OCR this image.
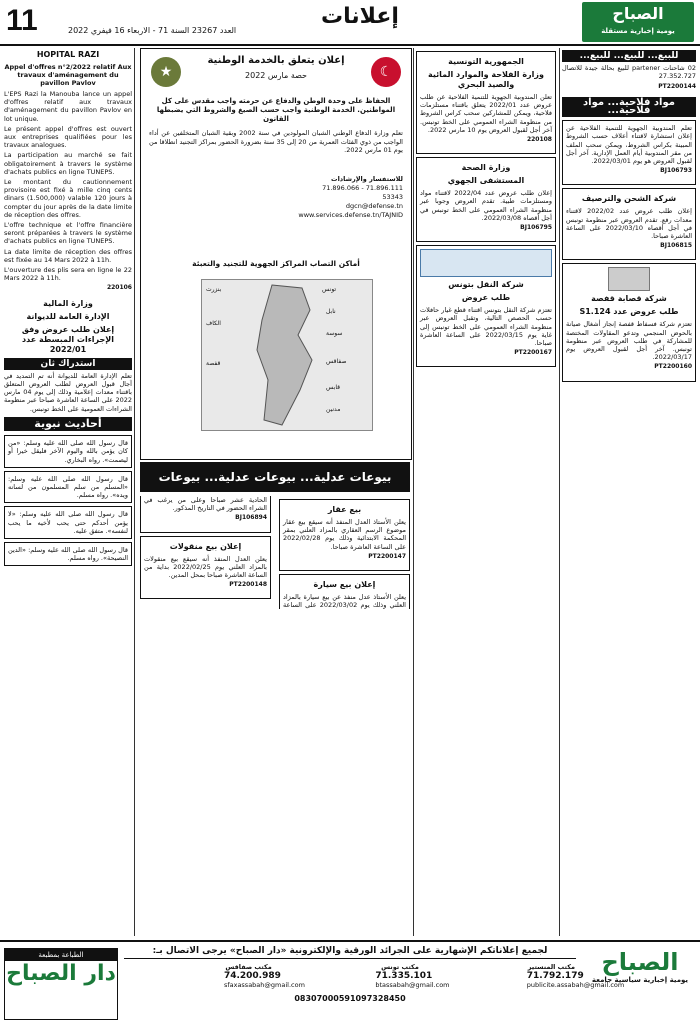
11	العدد 23267 السنة 71 - الاربعاء 16 فيفري 2022
إعلانات	الصباح
يومية إخبارية مستقلة
HOPITAL RAZI
Appel d'offres n°2/2022 relatif Aux travaux d'aménagement du pavillon Pavlov

L'EPS Razi la Manouba lance un appel d'offres relatif aux travaux d'aménagement du pavillon Pavlov en lot unique.

Le présent appel d'offres est ouvert aux entreprises qualifiées pour les travaux analogues.

La participation au marché se fait obligatoirement à travers le système d'achats publics en ligne TUNEPS.

Le montant du cautionnement provisoire est fixé à mille cinq cents dinars (1.500,000) valable 120 jours à compter du jour après de la date limite de réception des offres.

L'offre technique et l'offre financière seront préparées à travers le système d'achats publics en ligne TUNEPS.

La date limite de réception des offres est fixée au 14 Mars 2022 à 11h.

L'ouverture des plis sera en ligne le 22 Mars 2022 à 11h.

220106
وزارة المالية
الإدارة العامة للديوانة
إعلان طلب عروض وفق الإجراءات المبسطة عدد 2022/01
استدراك ثان

تعلم الإدارة العامة للديوانة أنه تم التمديد في آجال قبول العروض لطلب العروض المتعلق باقتناء معدات إعلامية وذلك إلى يوم 04 مارس 2022 على الساعة العاشرة صباحا عبر منظومة الشراءات العمومية على الخط تونبس.

أحاديث نبوية

قال رسول الله صلى الله عليه وسلم: «من كان يؤمن بالله واليوم الآخر فليقل خيرا أو ليصمت». رواه البخاري.

قال رسول الله صلى الله عليه وسلم: «المسلم من سلم المسلمون من لسانه ويده». رواه مسلم.

قال رسول الله صلى الله عليه وسلم: «لا يؤمن أحدكم حتى يحب لأخيه ما يحب لنفسه». متفق عليه.

قال رسول الله صلى الله عليه وسلم: «الدين النصيحة». رواه مسلم.

☾
★
إعلان يتعلق بالخدمة الوطنية
حصة مارس 2022
الحفاظ على وحدة الوطن والدفاع عن حرمته واجب مقدس على كل المواطنين. الخدمة الوطنية واجب حسب الصيغ والشروط التي يضبطها القانون
تعلم وزارة الدفاع الوطني الشبان المولودين في سنة 2002 وبقية الشبان المتخلفين عن أداء الواجب من ذوي الفئات العمرية من 20 إلى 35 سنة بضرورة الحضور بمراكز التجنيد انطلاقا من يوم 01 مارس 2022.
للاستفسار والإرشادات
71.896.111 - 71.896.066
53343
dgcn@defense.tn
www.services.defense.tn/TAJNID
أماكن التصاب المراكز الجهوية للتجنيد والتعبئة
بنزرت	تونس
نابل
سوسة
الكاف
صفاقس
قفصة
قابس
مدنين
بيوعات عدلية... بيوعات عدلية... بيوعات عدلية...	بيع عقار

يعلن الأستاذ العدل المنفذ أنه سيقع بيع عقار موضوع الرسم العقاري بالمزاد العلني بمقر المحكمة الابتدائية وذلك يوم 2022/02/28 على الساعة العاشرة صباحا.

PT2200147
إعلان بيع سيارة

يعلن الأستاذ عدل منفذ عن بيع سيارة بالمزاد العلني وذلك يوم 2022/03/02 على الساعة الحادية عشر صباحا وعلى من يرغب في الشراء الحضور في التاريخ المذكور.

BJ106894
إعلان بيع منقولات

يعلن العدل المنفذ أنه سيقع بيع منقولات بالمزاد العلني يوم 2022/02/25 بداية من الساعة العاشرة صباحا بمحل المدين.

PT2200148
الجمهورية التونسية
وزارة الفلاحة والموارد المائية والصيد البحري

تعلن المندوبية الجهوية للتنمية الفلاحية عن طلب عروض عدد 2022/01 يتعلق باقتناء مستلزمات فلاحية، ويمكن للمشاركين سحب كراس الشروط من منظومة الشراء العمومي على الخط تونبس. آخر أجل لقبول العروض يوم 10 مارس 2022.

220108
وزارة الصحة
المستشفى الجهوي

إعلان طلب عروض عدد 2022/04 لاقتناء مواد ومستلزمات طبية. تقدم العروض وجوبا عبر منظومة الشراء العمومي على الخط تونبس في أجل أقصاه 2022/03/08.

BJ106795
شركة النقل بتونس
طلب عروض

تعتزم شركة النقل بتونس اقتناء قطع غيار حافلات حسب الحصص التالية، وتقبل العروض عبر منظومة الشراء العمومي على الخط تونبس إلى غاية يوم 2022/03/15 على الساعة العاشرة صباحا.

PT2200167
للبيع... للبيع... للبيع...

02 شاحنات partener للبيع بحالة جيدة للاتصال 27.352.727

PT2200144
مواد فلاحية... مواد فلاحية...

تعلم المندوبية الجهوية للتنمية الفلاحية عن إعلان استشارة لاقتناء أعلاف حسب الشروط المبينة بكراس الشروط، ويمكن سحب الملف من مقر المندوبية أيام العمل الإدارية. آخر أجل لقبول العروض هو يوم 2022/03/01.

BJ106793
شركة الشحن والترصيف

إعلان طلب عروض عدد 2022/02 لاقتناء معدات رفع. تقدم العروض عبر منظومة تونبس في أجل أقصاه 2022/03/10 على الساعة العاشرة صباحا.

BJ106815
شركة قصابة قفصة
طلب عروض عدد S1.124

تعتزم شركة فسفاط قفصة إنجاز أشغال صيانة بالحوض المنجمي وتدعو المقاولات المختصة للمشاركة في طلب العروض عبر منظومة تونبس. آخر أجل لقبول العروض يوم 2022/03/17.

PT2200160
الطباعة بمطبعة
دار الصباح
لجميع إعلاناتكم الإشهارية على الجرائد الورقية والإلكترونية «دار الصباح» يرجى الاتصال بـ:
مكتب المنستير
71.792.179
publicite.assabah@gmail.com
مكتب تونس
71.335.101
btassabah@gmail.com
مكتب صفاقس
74.200.989
sfaxassabah@gmail.com
08307000591097328450
الصباح
يومية إخبارية سياسية جامعة
